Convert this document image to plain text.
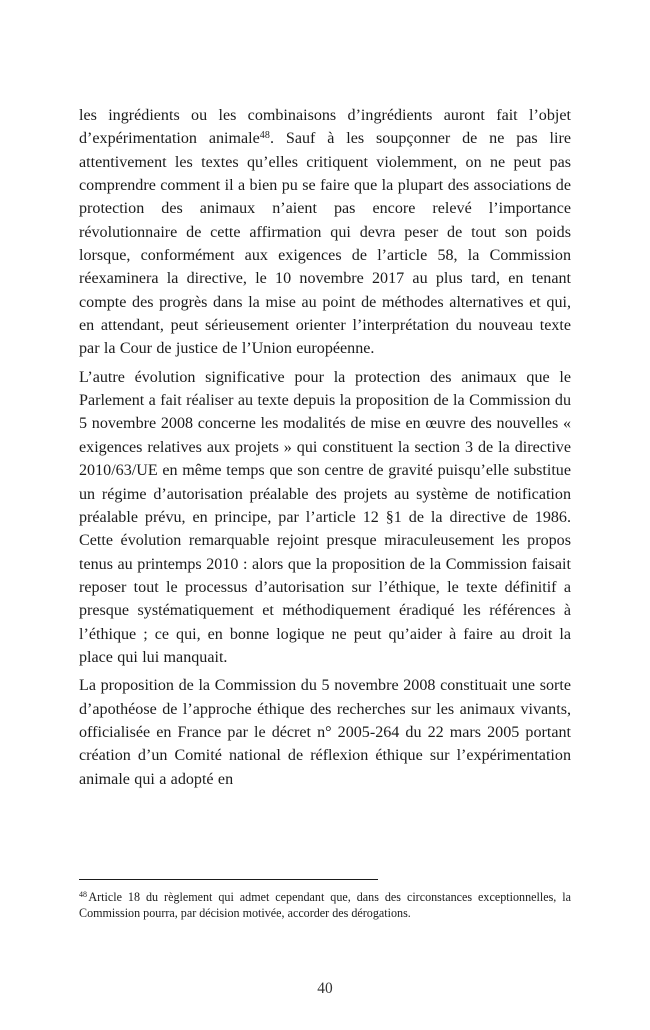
les ingrédients ou les combinaisons d’ingrédients auront fait l’objet d’expérimentation animale$^{48}$. Sauf à les soupçonner de ne pas lire attentivement les textes qu’elles critiquent violemment, on ne peut pas comprendre comment il a bien pu se faire que la plupart des associations de protection des animaux n’aient pas encore relevé l’importance révolutionnaire de cette affirmation qui devra peser de tout son poids lorsque, conformément aux exigences de l’article 58, la Commission réexaminera la directive, le 10 novembre 2017 au plus tard, en tenant compte des progrès dans la mise au point de méthodes alternatives et qui, en attendant, peut sérieusement orienter l’interprétation du nouveau texte par la Cour de justice de l’Union européenne.

L’autre évolution significative pour la protection des animaux que le Parlement a fait réaliser au texte depuis la proposition de la Commission du 5 novembre 2008 concerne les modalités de mise en œuvre des nouvelles « exigences relatives aux projets » qui constituent la section 3 de la directive 2010/63/UE en même temps que son centre de gravité puisqu’elle substitue un régime d’autorisation préalable des projets au système de notification préalable prévu, en principe, par l’article 12 §1 de la directive de 1986. Cette évolution remarquable rejoint presque miraculeusement les propos tenus au printemps 2010 : alors que la proposition de la Commission faisait reposer tout le processus d’autorisation sur l’éthique, le texte définitif a presque systématiquement et méthodiquement éradiqué les références à l’éthique ; ce qui, en bonne logique ne peut qu’aider à faire au droit la place qui lui manquait.

La proposition de la Commission du 5 novembre 2008 constituait une sorte d’apothéose de l’approche éthique des recherches sur les animaux vivants, officialisée en France par le décret n° 2005-264 du 22 mars 2005 portant création d’un Comité national de réflexion éthique sur l’expérimentation animale qui a adopté en

$^{48}$Article 18 du règlement qui admet cependant que, dans des circonstances exceptionnelles, la Commission pourra, par décision motivée, accorder des dérogations.

40
